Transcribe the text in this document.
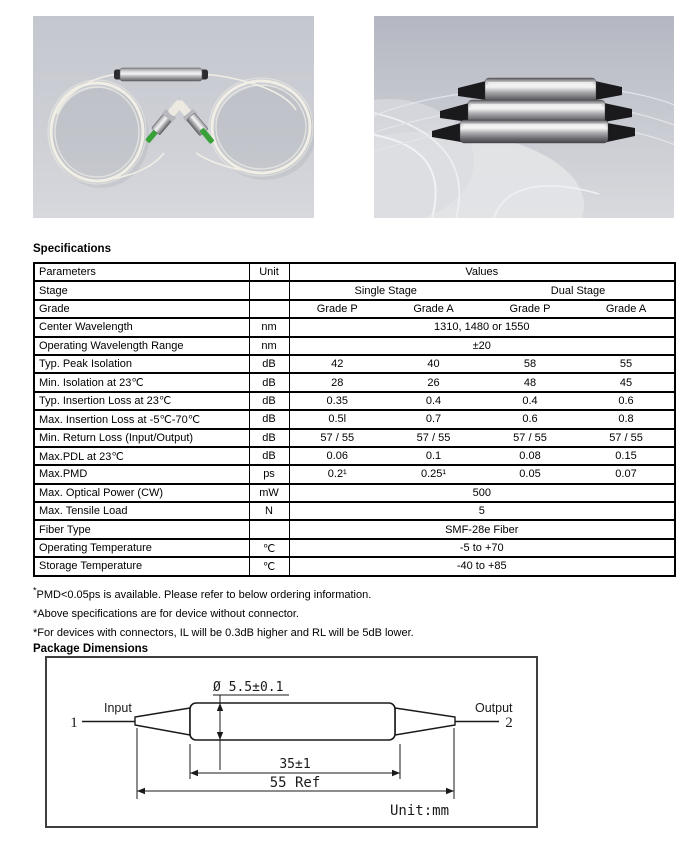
Specifications
Parameters	Unit	Values			
Stage		Single Stage		Dual Stage	
Grade		Grade P	Grade A	Grade P	Grade A
Center Wavelength	nm	1310, 1480 or 1550			
Operating Wavelength Range	nm	±20			
Typ. Peak Isolation	dB	42	40	58	55
Min. Isolation at 23℃	dB	28	26	48	45
Typ. Insertion Loss at 23℃	dB	0.35	0.4	0.4	0.6
Max. Insertion Loss at -5℃-70℃	dB	0.5l	0.7	0.6	0.8
Min. Return Loss (Input/Output)	dB	57 / 55	57 / 55	57 / 55	57 / 55
Max.PDL at 23℃	dB	0.06	0.1	0.08	0.15
Max.PMD	ps	0.2¹	0.25¹	0.05	0.07
Max. Optical Power (CW)	mW	500			
Max. Tensile Load	N	5			
Fiber Type		SMF-28e Fiber			
Operating Temperature	℃	-5 to +70			
Storage Temperature	℃	-40 to +85			
*PMD<0.05ps is available. Please refer to below ordering information.
*Above specifications are for device without connector.
*For devices with connectors, IL will be 0.3dB higher and RL will be 5dB lower.
Package Dimensions
Ø 5.5±0.1
Input	Output
1	2
35±1
55 Ref
Unit:mm
